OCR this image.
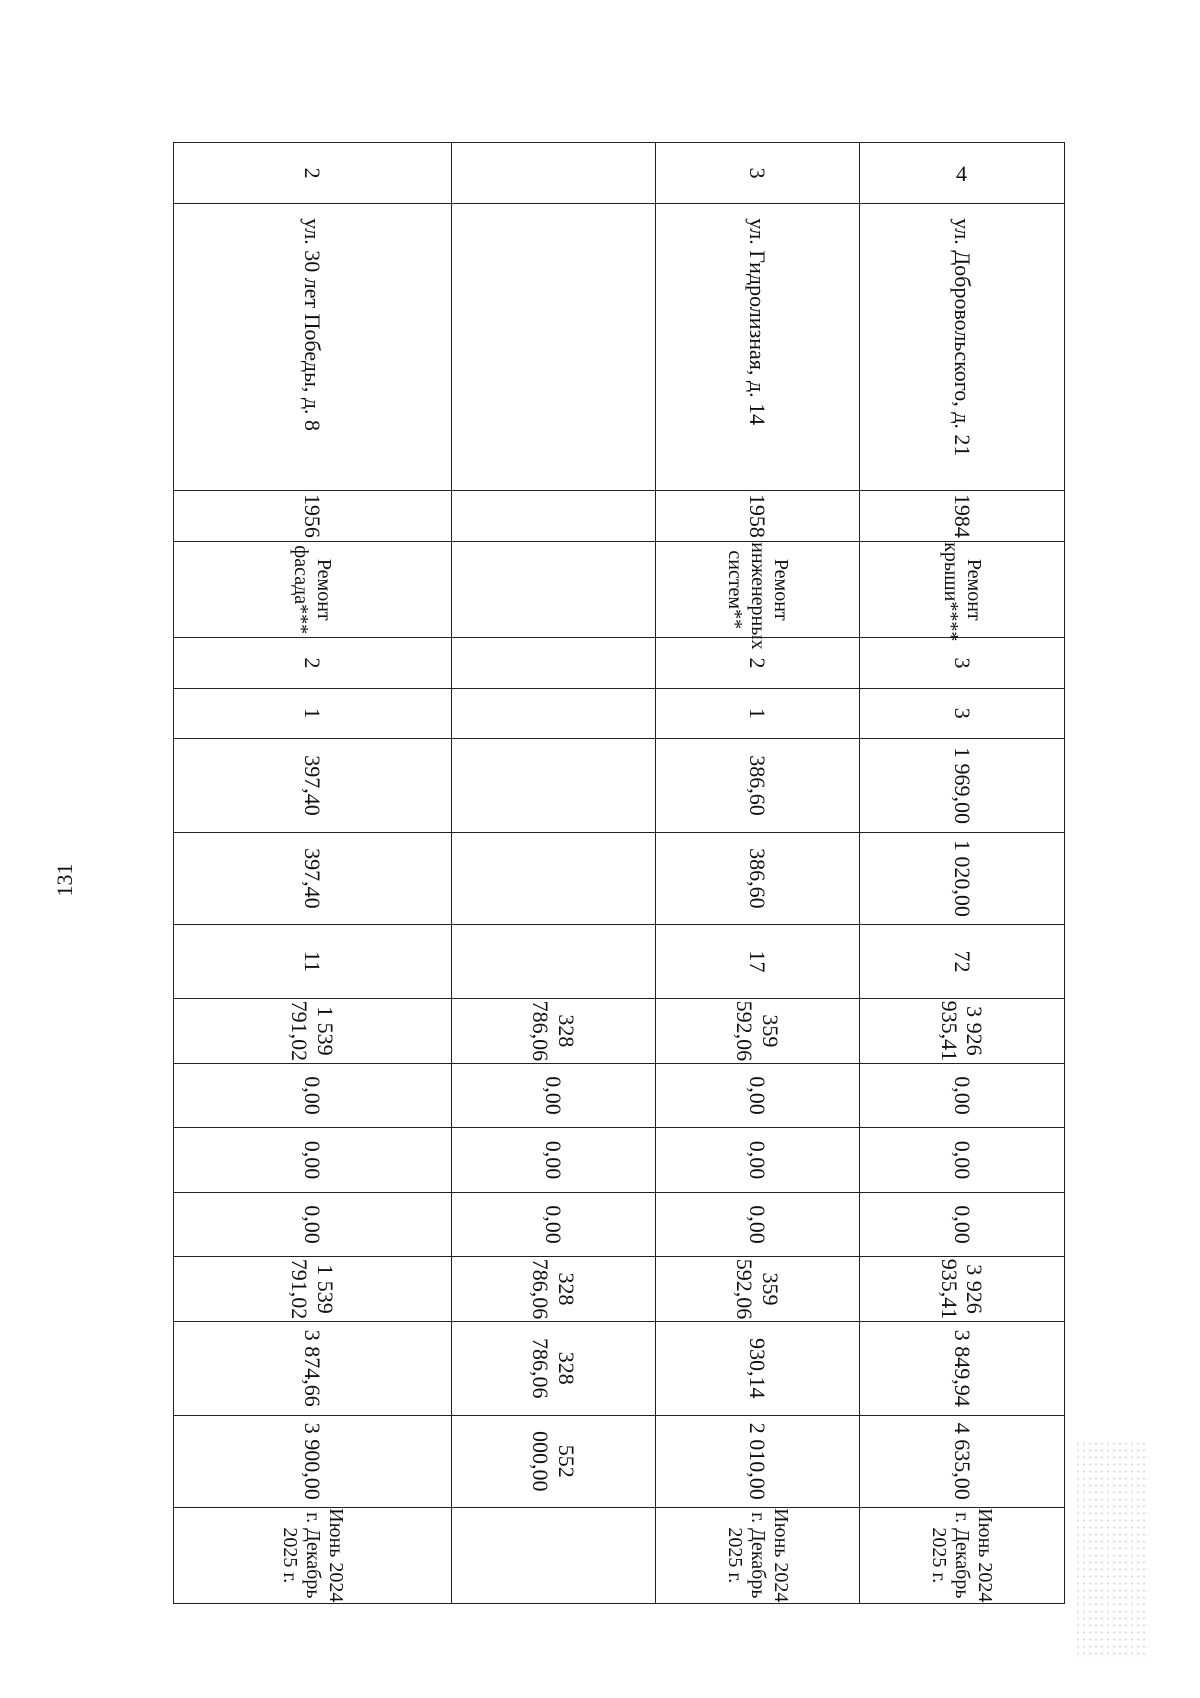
131
4	ул. Добровольского, д. 21	1984	Ремонт крыши****	3	3	1 969,00	1 020,00	72	3 926 935,41	0,00	0,00	0,00	3 926 935,41	3 849,94	4 635,00	Июнь 2024 г. Декабрь 2025 г.
3	ул. Гидролизная, д. 14	1958	Ремонт инженерных систем**	2	1	386,60	386,60	17	359 592,06	0,00	0,00	0,00	359 592,06	930,14	2 010,00	Июнь 2024 г. Декабрь 2025 г.
									328 786,06	0,00	0,00	0,00	328 786,06	328 786,06	552 000,00	
2	ул. 30 лет Победы, д. 8	1956	Ремонт фасада***	2	1	397,40	397,40	11	1 539 791,02	0,00	0,00	0,00	1 539 791,02	3 874,66	3 900,00	Июнь 2024 г. Декабрь 2025 г.
